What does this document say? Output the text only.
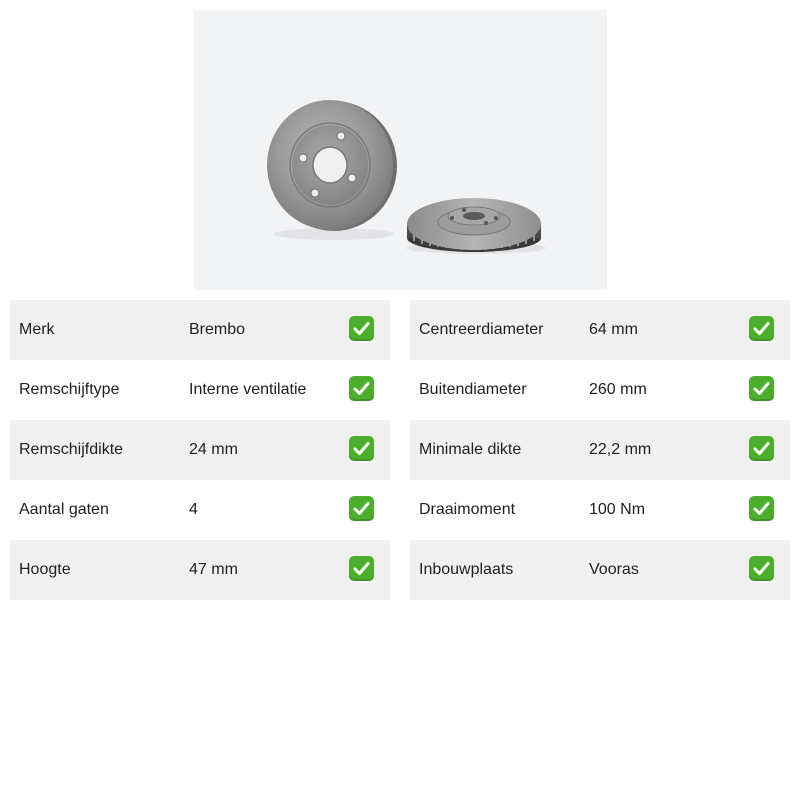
Merk	Brembo
Remschijftype	Interne ventilatie
Remschijfdikte	24 mm
Aantal gaten	4
Hoogte	47 mm
Centreerdiameter	64 mm
Buitendiameter	260 mm
Minimale dikte	22,2 mm
Draaimoment	100 Nm
Inbouwplaats	Vooras
